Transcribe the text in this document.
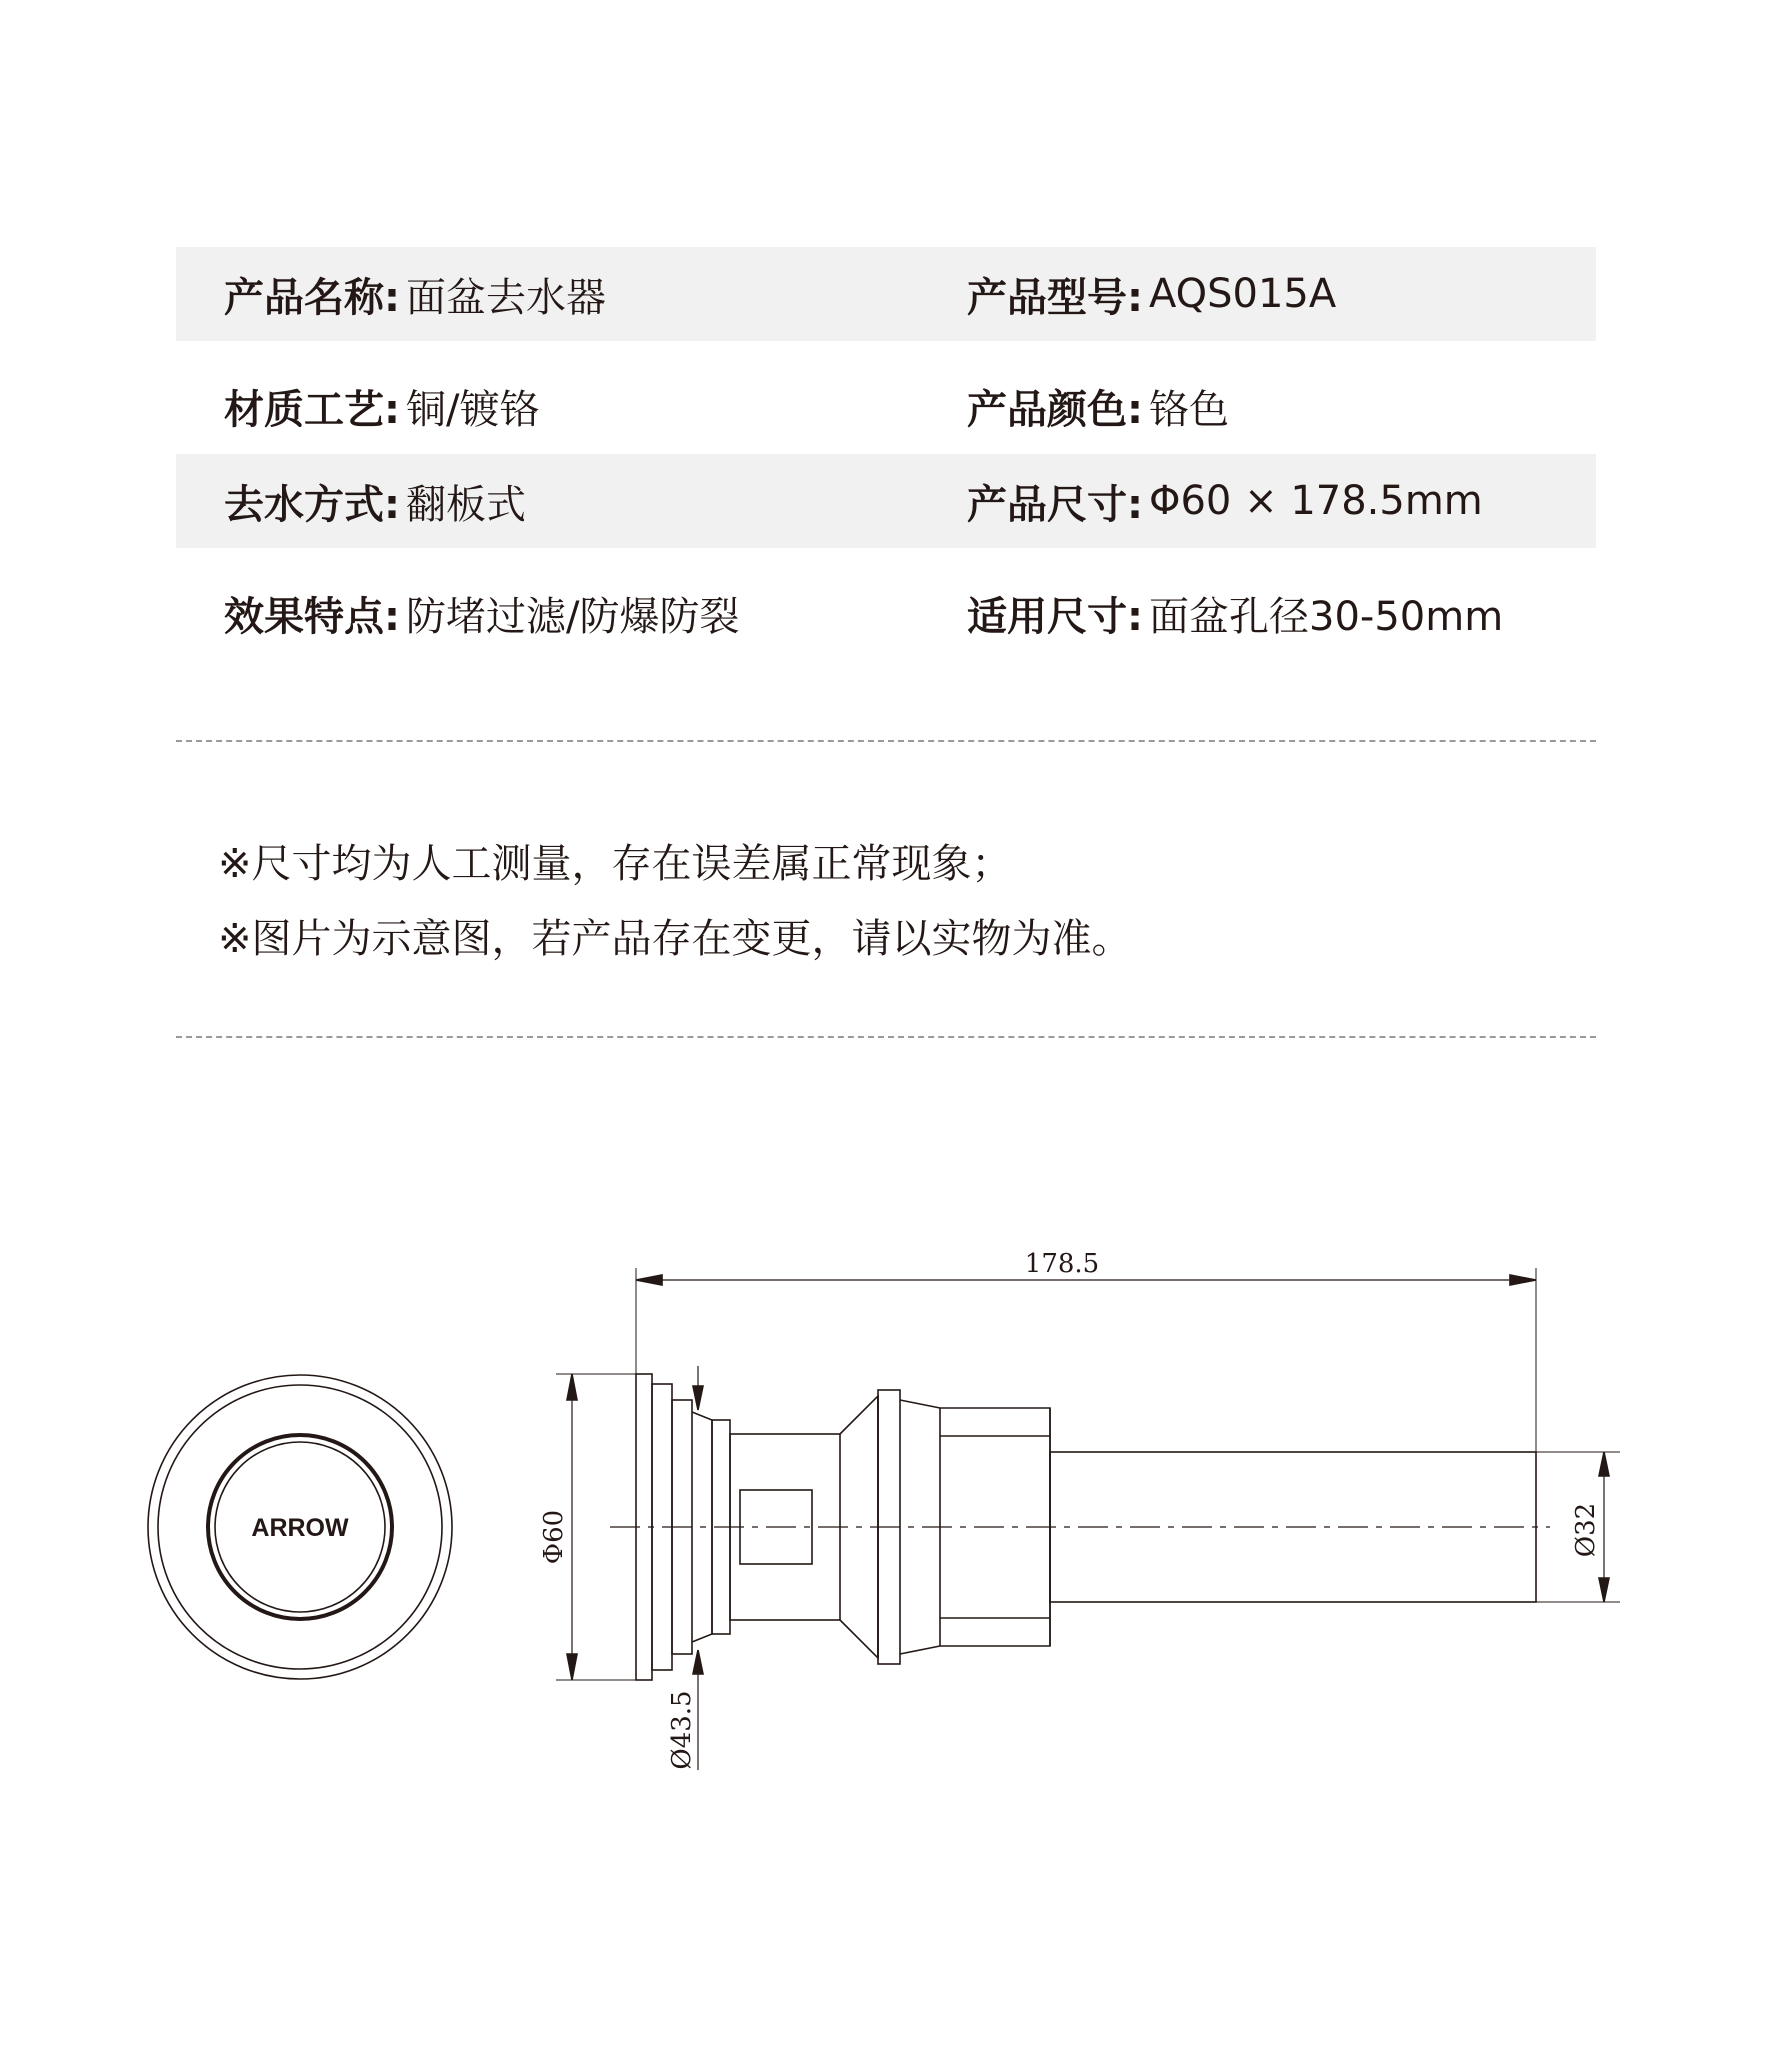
产品名称: 面盆去水器	产品型号: AQS015A
材质工艺: 铜/镀铬	产品颜色: 铬色
去水方式: 翻板式	产品尺寸: Φ60 × 178.5mm
效果特点: 防堵过滤/防爆防裂	适用尺寸: 面盆孔径30-50mm
※尺寸均为人工测量，存在误差属正常现象；
※图片为示意图，若产品存在变更，请以实物为准。
ARROW
178.5
Φ60
Ø43.5
Ø32
